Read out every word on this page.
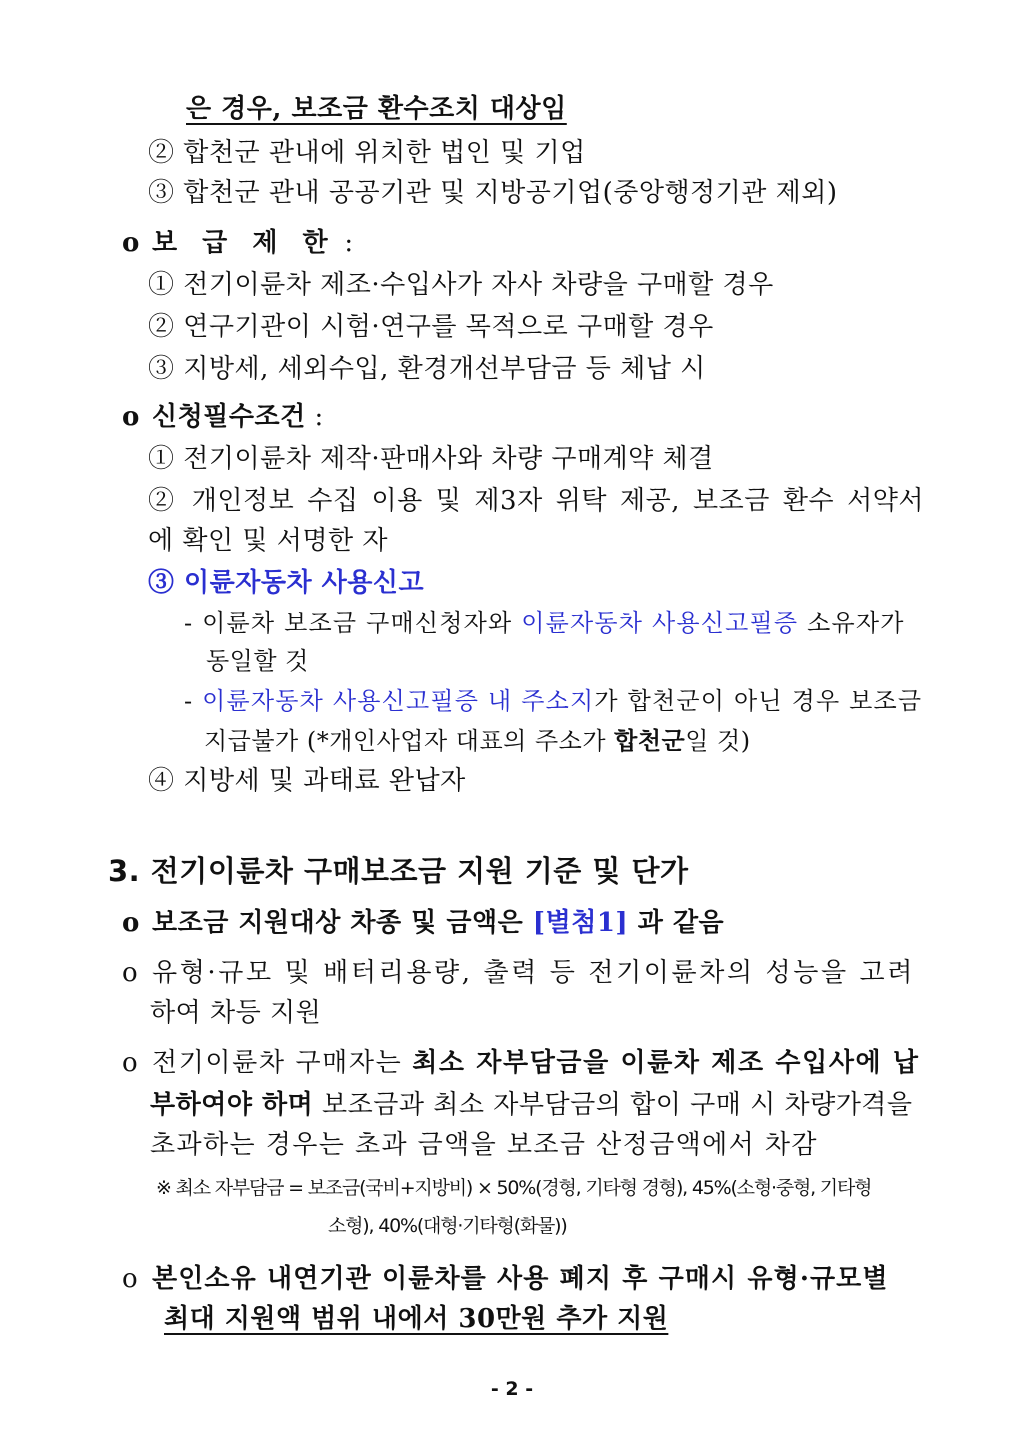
은 경우, 보조금 환수조치 대상임
② 합천군 관내에 위치한 법인 및 기업
③ 합천군 관내 공공기관 및 지방공기업(중앙행정기관 제외)
o 보 급 제 한 :
① 전기이륜차 제조·수입사가 자사 차량을 구매할 경우
② 연구기관이 시험·연구를 목적으로 구매할 경우
③ 지방세, 세외수입, 환경개선부담금 등 체납 시
o 신청필수조건 :
① 전기이륜차 제작·판매사와 차량 구매계약 체결
② 개인정보 수집 이용 및 제3자 위탁 제공, 보조금 환수 서약서
에 확인 및 서명한 자
③ 이륜자동차 사용신고
- 이륜차 보조금 구매신청자와 이륜자동차 사용신고필증 소유자가
동일할 것
- 이륜자동차 사용신고필증 내 주소지가 합천군이 아닌 경우 보조금
지급불가 (*개인사업자 대표의 주소가 합천군일 것)
④ 지방세 및 과태료 완납자
3. 전기이륜차 구매보조금 지원 기준 및 단가
o 보조금 지원대상 차종 및 금액은 [별첨1] 과 같음
o 유형·규모 및 배터리용량, 출력 등 전기이륜차의 성능을 고려
하여 차등 지원
o 전기이륜차 구매자는 최소 자부담금을 이륜차 제조 수입사에 납
부하여야 하며 보조금과 최소 자부담금의 합이 구매 시 차량가격을
초과하는 경우는 초과 금액을 보조금 산정금액에서 차감
※ 최소 자부담금 = 보조금(국비+지방비) × 50%(경형, 기타형 경형), 45%(소형·중형, 기타형
소형), 40%(대형·기타형(화물))
o 본인소유 내연기관 이륜차를 사용 폐지 후 구매시 유형·규모별
최대 지원액 범위 내에서 30만원 추가 지원
- 2 -
